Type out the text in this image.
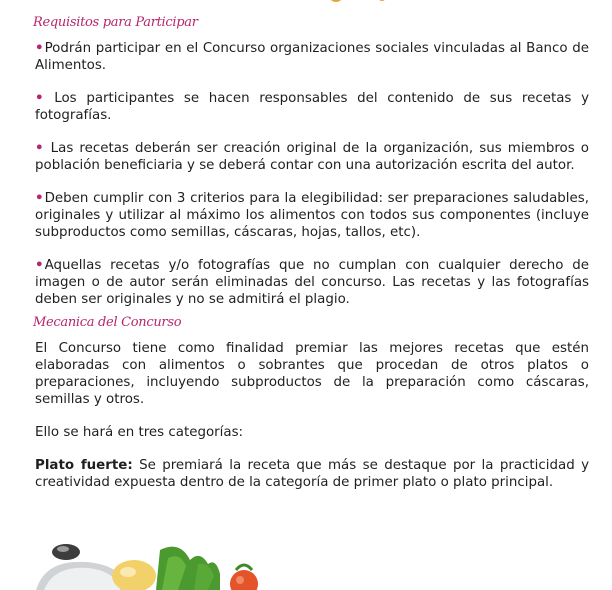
Requisitos para Participar

•Podrán participar en el Concurso organizaciones sociales vinculadas al Banco de Alimentos.

• Los participantes se hacen responsables del contenido de sus recetas y fotografías.

• Las recetas deberán ser creación original de la organización, sus miembros o población beneficiaria y se deberá contar con una autorización escrita del autor.

•Deben cumplir con 3 criterios para la elegibilidad: ser preparaciones saludables, originales y utilizar al máximo los alimentos con todos sus componentes (incluye subproductos como semillas, cáscaras, hojas, tallos, etc).

•Aquellas recetas y/o fotografías que no cumplan con cualquier derecho de imagen o de autor serán eliminadas del concurso. Las recetas y las fotografías deben ser originales y no se admitirá el plagio.

Mecanica del Concurso

El Concurso tiene como finalidad premiar las mejores recetas que estén elaboradas con alimentos o sobrantes que procedan de otros platos o preparaciones, incluyendo subproductos de la preparación como cáscaras, semillas y otros.

Ello se hará en tres categorías:

Plato fuerte: Se premiará la receta que más se destaque por la practicidad y creatividad expuesta dentro de la categoría de primer plato o plato principal.
